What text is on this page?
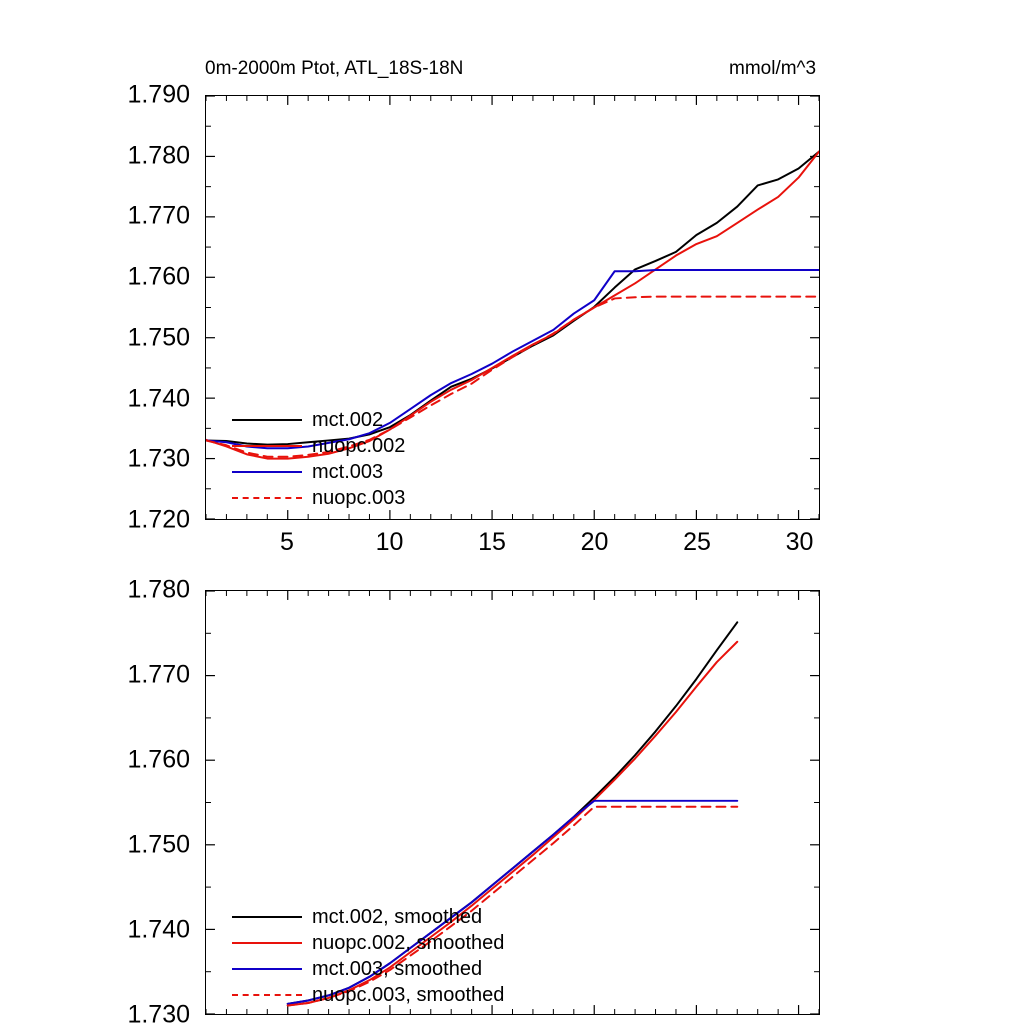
0m-2000m Ptot, ATL_18S-18N	mmol/m^3
1.720
1.730
1.740
1.750
1.760
1.770
1.780
1.790
5	10	15	20	25	30
mct.002
nuopc.002
mct.003
nuopc.003
1.730
1.740
1.750
1.760
1.770
1.780
mct.002, smoothed
nuopc.002, smoothed
mct.003, smoothed
nuopc.003, smoothed
